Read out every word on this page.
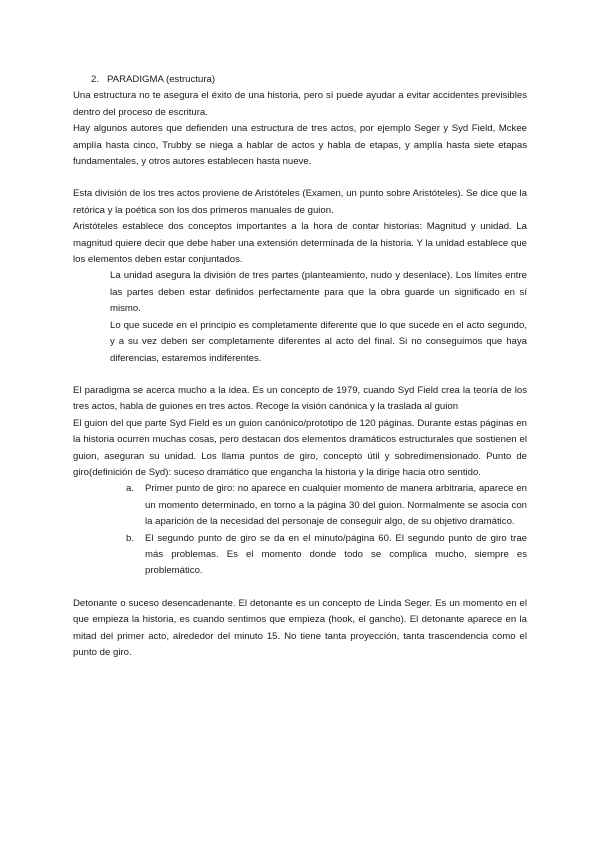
2. PARADIGMA (estructura)

Una estructura no te asegura el éxito de una historia, pero sí puede ayudar a evitar accidentes previsibles dentro del proceso de escritura.

Hay algunos autores que defienden una estructura de tres actos, por ejemplo Seger y Syd Field, Mckee amplía hasta cinco, Trubby se niega a hablar de actos y habla de etapas, y amplía hasta siete etapas fundamentales, y otros autores establecen hasta nueve.

Esta división de los tres actos proviene de Aristóteles (Examen, un punto sobre Aristóteles). Se dice que la retórica y la poética son los dos primeros manuales de guion.

Aristóteles establece dos conceptos importantes a la hora de contar historias: Magnitud y unidad. La magnitud quiere decir que debe haber una extensión determinada de la historia. Y la unidad establece que los elementos deben estar conjuntados.

La unidad asegura la división de tres partes (planteamiento, nudo y desenlace). Los límites entre las partes deben estar definidos perfectamente para que la obra guarde un significado en sí mismo.

Lo que sucede en el principio es completamente diferente que lo que sucede en el acto segundo, y a su vez deben ser completamente diferentes al acto del final. Si no conseguimos que haya diferencias, estaremos indiferentes.

El paradigma se acerca mucho a la idea. Es un concepto de 1979, cuando Syd Field crea la teoría de los tres actos, habla de guiones en tres actos. Recoge la visión canónica y la traslada al guion

El guion del que parte Syd Field es un guion canónico/prototipo de 120 páginas. Durante estas páginas en la historia ocurren muchas cosas, pero destacan dos elementos dramáticos estructurales que sostienen el guion, aseguran su unidad. Los llama puntos de giro, concepto útil y sobredimensionado. Punto de giro(definición de Syd): suceso dramático que engancha la historia y la dirige hacia otro sentido.

a. Primer punto de giro: no aparece en cualquier momento de manera arbitraria, aparece en un momento determinado, en torno a la página 30 del guion. Normalmente se asocia con la aparición de la necesidad del personaje de conseguir algo, de su objetivo dramático.
b. El segundo punto de giro se da en el minuto/página 60. El segundo punto de giro trae más problemas. Es el momento donde todo se complica mucho, siempre es problemático.

Detonante o suceso desencadenante. El detonante es un concepto de Linda Seger. Es un momento en el que empieza la historia, es cuando sentimos que empieza (hook, el gancho). El detonante aparece en la mitad del primer acto, alrededor del minuto 15. No tiene tanta proyección, tanta trascendencia como el punto de giro.
